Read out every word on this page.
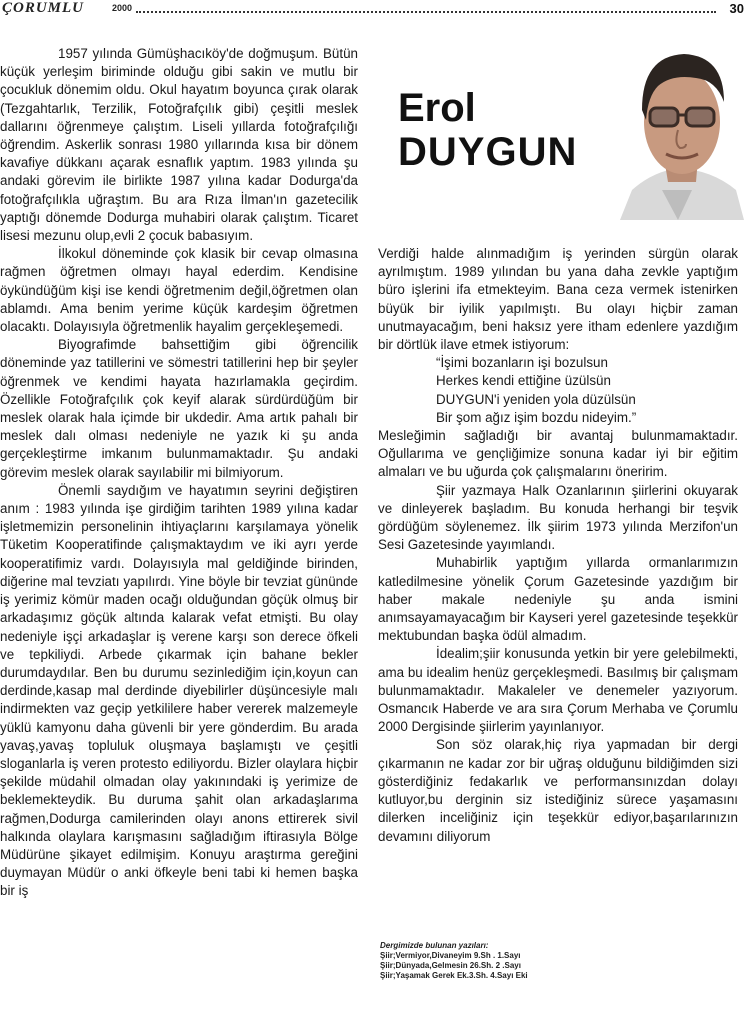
ÇORUMLU	2000	30

1957 yılında Gümüşhacıköy'de doğmuşum. Bütün küçük yerleşim biriminde olduğu gibi sakin ve mutlu bir çocukluk dönemim oldu. Okul hayatım boyunca çırak olarak (Tezgahtarlık, Terzilik, Fotoğrafçılık gibi) çeşitli meslek dallarını öğrenmeye çalıştım. Liseli yıllarda fotoğrafçılığı öğrendim. Askerlik sonrası 1980 yıllarında kısa bir dönem kavafiye dükkanı açarak esnaflık yaptım. 1983 yılında şu andaki görevim ile birlikte 1987 yılına kadar Dodurga'da fotoğrafçılıkla uğraştım. Bu ara Rıza İlman'ın gazetecilik yaptığı dönemde Dodurga muhabiri olarak çalıştım. Ticaret lisesi mezunu olup,evli 2 çocuk babasıyım.

İlkokul döneminde çok klasik bir cevap olmasına rağmen öğretmen olmayı hayal ederdim. Kendisine öykündüğüm kişi ise kendi öğretmenim değil,öğretmen olan ablamdı. Ama benim yerime küçük kardeşim öğretmen olacaktı. Dolayısıyla öğretmenlik hayalim gerçekleşemedi.

Biyografimde bahsettiğim gibi öğrencilik döneminde yaz tatillerini ve sömestri tatillerini hep bir şeyler öğrenmek ve kendimi hayata hazırlamakla geçirdim. Özellikle Fotoğrafçılık çok keyif alarak sürdürdüğüm bir meslek olarak hala içimde bir ukdedir. Ama artık pahalı bir meslek dalı olması nedeniyle ne yazık ki şu anda gerçekleştirme imkanım bulunmamaktadır. Şu andaki görevim meslek olarak sayılabilir mi bilmiyorum.

Önemli saydığım ve hayatımın seyrini değiştiren anım : 1983 yılında işe girdiğim tarihten 1989 yılına kadar işletmemizin personelinin ihtiyaçlarını karşılamaya yönelik Tüketim Kooperatifinde çalışmaktaydım ve iki ayrı yerde kooperatifimiz vardı. Dolayısıyla mal geldiğinde birinden, diğerine mal tevziatı yapılırdı. Yine böyle bir tevziat gününde iş yerimiz kömür maden ocağı olduğundan göçük olmuş bir arkadaşımız göçük altında kalarak vefat etmişti. Bu olay nedeniyle işçi arkadaşlar iş verene karşı son derece öfkeli ve tepkiliydi. Arbede çıkarmak için bahane bekler durumdaydılar. Ben bu durumu sezinlediğim için,koyun can derdinde,kasap mal derdinde diyebilirler düşüncesiyle malı indirmekten vaz geçip yetkililere haber vererek malzemeyle yüklü kamyonu daha güvenli bir yere gönderdim. Bu arada yavaş,yavaş topluluk oluşmaya başlamıştı ve çeşitli sloganlarla iş veren protesto ediliyordu. Bizler olaylara hiçbir şekilde müdahil olmadan olay yakınındaki iş yerimize de beklemekteydik. Bu duruma şahit olan arkadaşlarıma rağmen,Dodurga camilerinden olayı anons ettirerek sivil halkında olaylara karışmasını sağladığım iftirasıyla Bölge Müdürüne şikayet edilmişim. Konuyu araştırma gereğini duymayan Müdür o anki öfkeyle beni tabi ki hemen başka bir iş

Erol
DUYGUN

Verdiği halde alınmadığım iş yerinden sürgün olarak ayrılmıştım. 1989 yılından bu yana daha zevkle yaptığım büro işlerini ifa etmekteyim. Bana ceza vermek istenirken büyük bir iyilik yapılmıştı. Bu olayı hiçbir zaman unutmayacağım, beni haksız yere itham edenlere yazdığım bir dörtlük ilave etmek istiyorum:

“İşimi bozanların işi bozulsun
Herkes kendi ettiğine üzülsün
DUYGUN'i yeniden yola düzülsün
Bir şom ağız işim bozdu nideyim.”

Mesleğimin sağladığı bir avantaj bulunmamaktadır. Oğullarıma ve gençliğimize sonuna kadar iyi bir eğitim almaları ve bu uğurda çok çalışmalarını öneririm.

Şiir yazmaya Halk Ozanlarının şiirlerini okuyarak ve dinleyerek başladım. Bu konuda herhangi bir teşvik gördüğüm söylenemez. İlk şiirim 1973 yılında Merzifon'un Sesi Gazetesinde yayımlandı.

Muhabirlik yaptığım yıllarda ormanlarımızın katledilmesine yönelik Çorum Gazetesinde yazdığım bir haber makale nedeniyle şu anda ismini anımsayamayacağım bir Kayseri yerel gazetesinde teşekkür mektubundan başka ödül almadım.

İdealim;şiir konusunda yetkin bir yere gelebilmekti, ama bu idealim henüz gerçekleşmedi. Basılmış bir çalışmam bulunmamaktadır. Makaleler ve denemeler yazıyorum. Osmancık Haberde ve ara sıra Çorum Merhaba ve Çorumlu 2000 Dergisinde şiirlerim yayınlanıyor.

Son söz olarak,hiç riya yapmadan bir dergi çıkarmanın ne kadar zor bir uğraş olduğunu bildiğimden sizi gösterdiğiniz fedakarlık ve performansınızdan dolayı kutluyor,bu derginin siz istediğiniz sürece yaşamasını dilerken inceliğiniz için teşekkür ediyor,başarılarınızın devamını diliyorum

Dergimizde bulunan yazıları:
Şiir;Vermiyor,Divaneyim 9.Sh . 1.Sayı
Şiir;Dünyada,Gelmesin 26.Sh. 2 .Sayı
Şiir;Yaşamak Gerek Ek.3.Sh. 4.Sayı Eki
